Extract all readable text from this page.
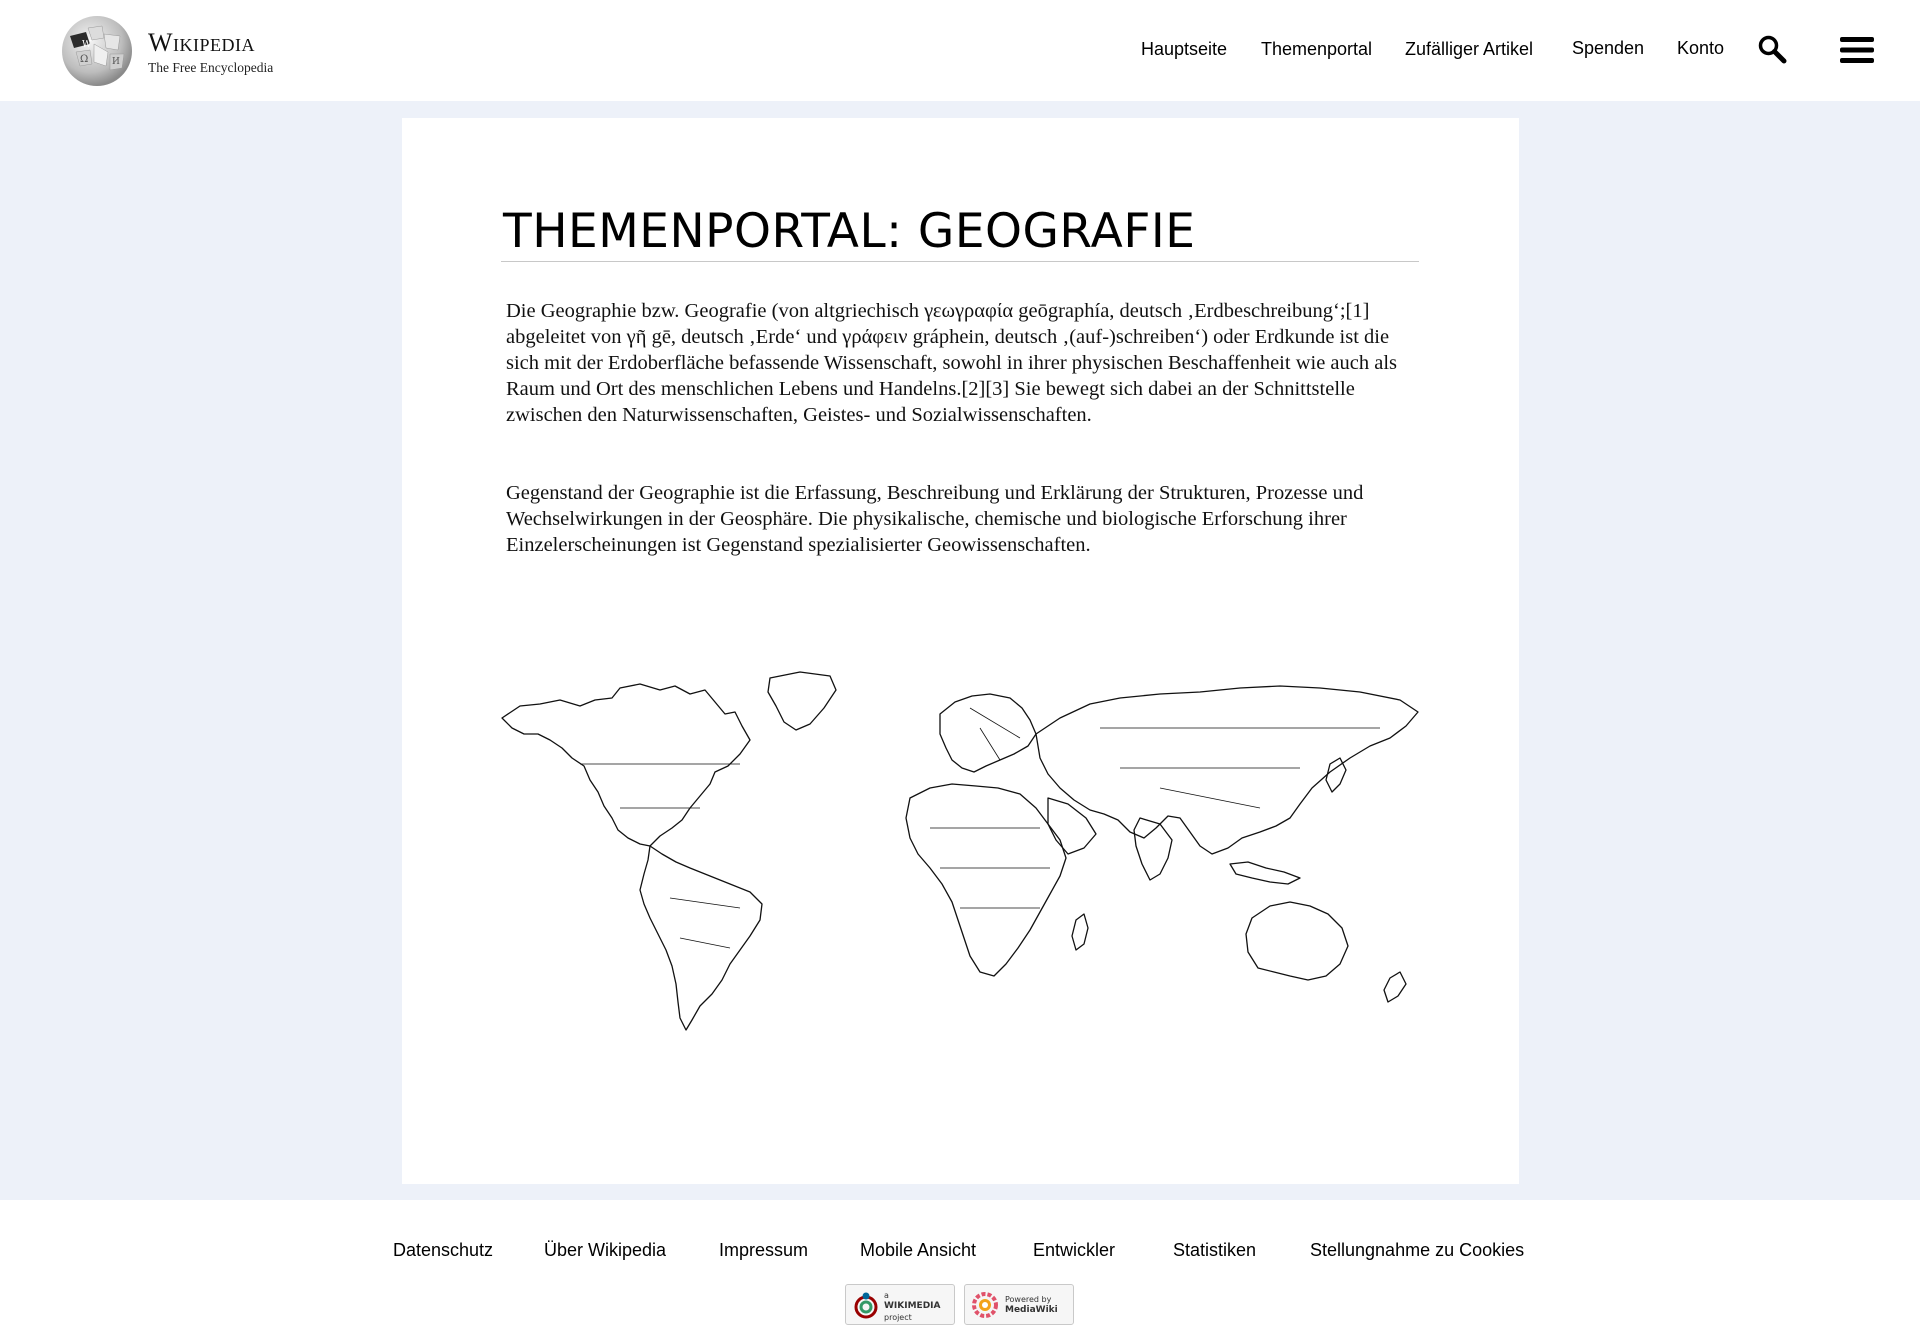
W
Ω	И
Wikipedia
The Free Encyclopedia
Hauptseite Themenportal Zufälliger Artikel Spenden Konto
THEMENPORTAL: GEOGRAFIE

Die Geographie bzw. Geografie (von altgriechisch γεωγραφία geōgraphía, deutsch ‚Erdbeschreibung‘;[1] abgeleitet von γῆ gē, deutsch ‚Erde‘ und γράφειν gráphein, deutsch ‚(auf-)schreiben‘) oder Erdkunde ist die sich mit der Erdoberfläche befassende Wissenschaft, sowohl in ihrer physischen Beschaffenheit wie auch als Raum und Ort des menschlichen Lebens und Handelns.[2][3] Sie bewegt sich dabei an der Schnittstelle zwischen den Naturwissenschaften, Geistes- und Sozialwissenschaften.

Gegenstand der Geographie ist die Erfassung, Beschreibung und Erklärung der Strukturen, Prozesse und Wechselwirkungen in der Geosphäre. Die physikalische, chemische und biologische Erforschung ihrer Einzelerscheinungen ist Gegenstand spezialisierter Geowissenschaften.

Datenschutz	Über Wikipedia	Impressum	Mobile Ansicht	Entwickler	Statistiken	Stellungnahme zu Cookies
a
WIKIMEDIA
project
Powered by
MediaWiki
